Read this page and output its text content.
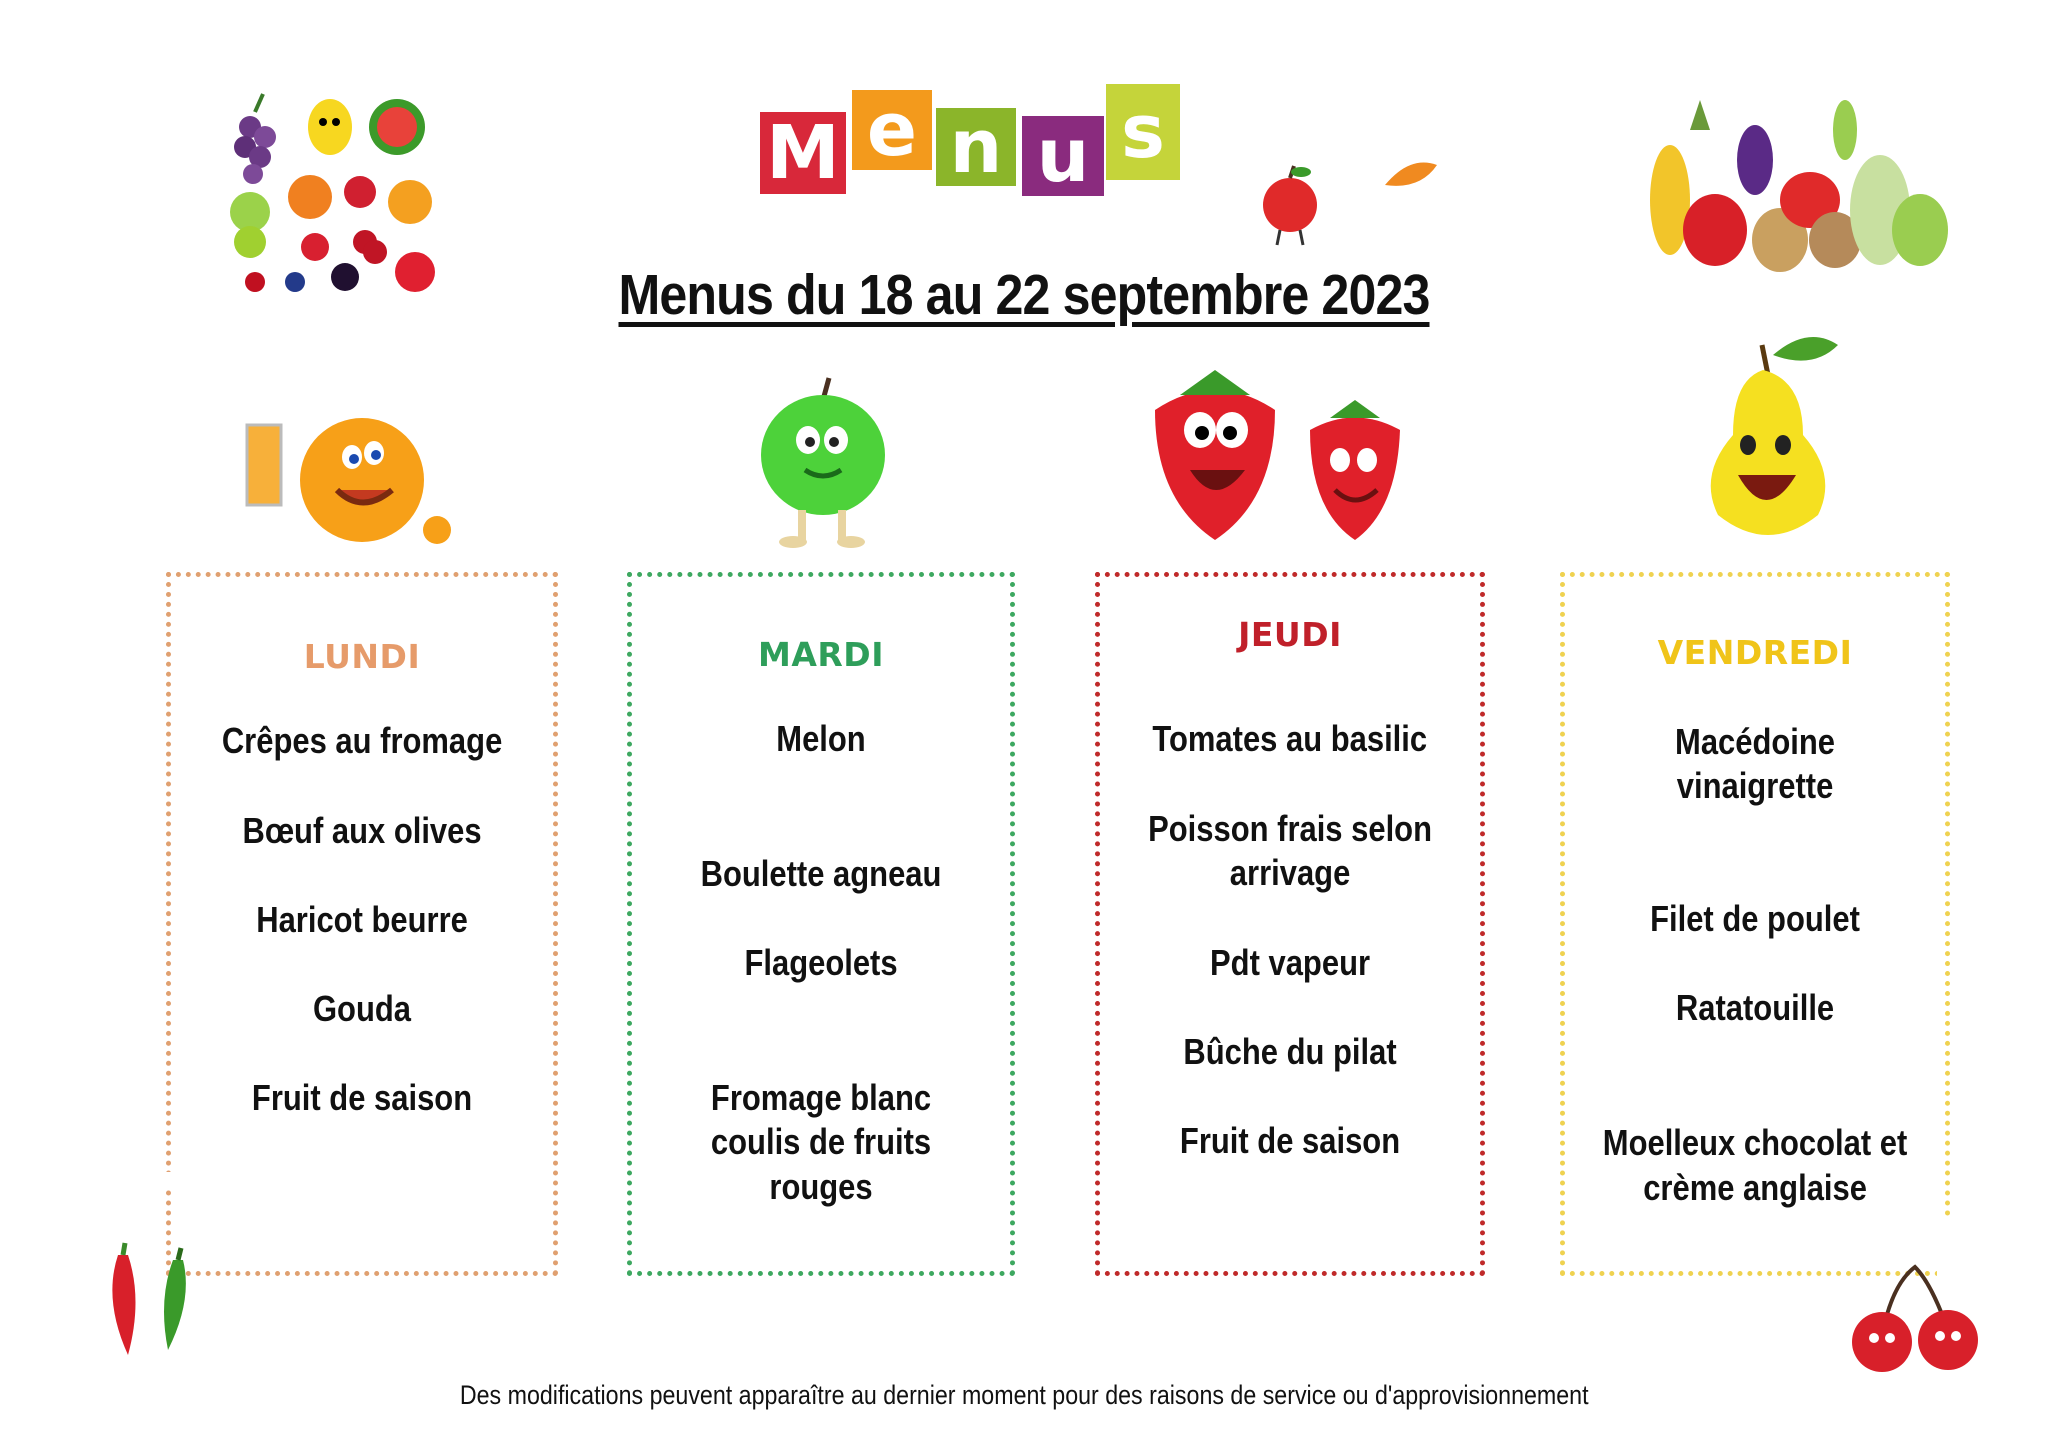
M e n u s
Menus du 18 au 22 septembre 2023
LUNDI
Crêpes au fromage
Bœuf aux olives
Haricot beurre
Gouda
Fruit de saison
MARDI
Melon
Boulette agneau
Flageolets
Fromage blanc
coulis de fruits
rouges
JEUDI
Tomates au basilic
Poisson frais selon
arrivage
Pdt vapeur
Bûche du pilat
Fruit de saison
VENDREDI
Macédoine
vinaigrette
Filet de poulet
Ratatouille
Moelleux chocolat et
crème anglaise
Des modifications peuvent apparaître au dernier moment pour des raisons de service ou d'approvisionnement
